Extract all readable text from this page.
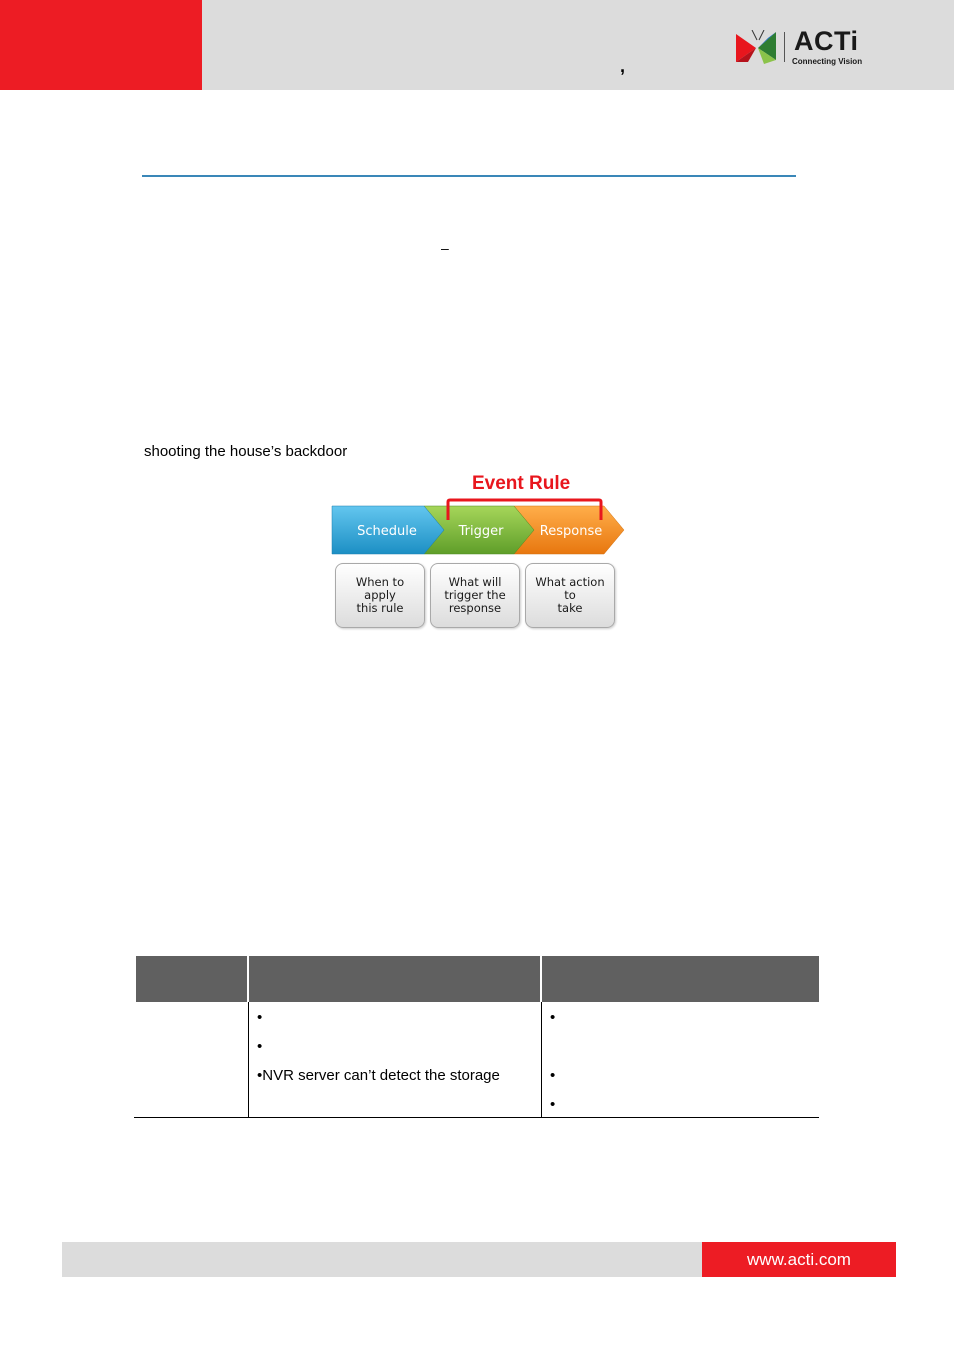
,
ACTi
Connecting Vision
–
shooting the house’s backdoor
Event Rule
Schedule	Trigger	Response
When to apply
this rule
What will
trigger the
response
What action to
take
•
•
•NVR server can’t detect the storage
•
•
•
www.acti.com
